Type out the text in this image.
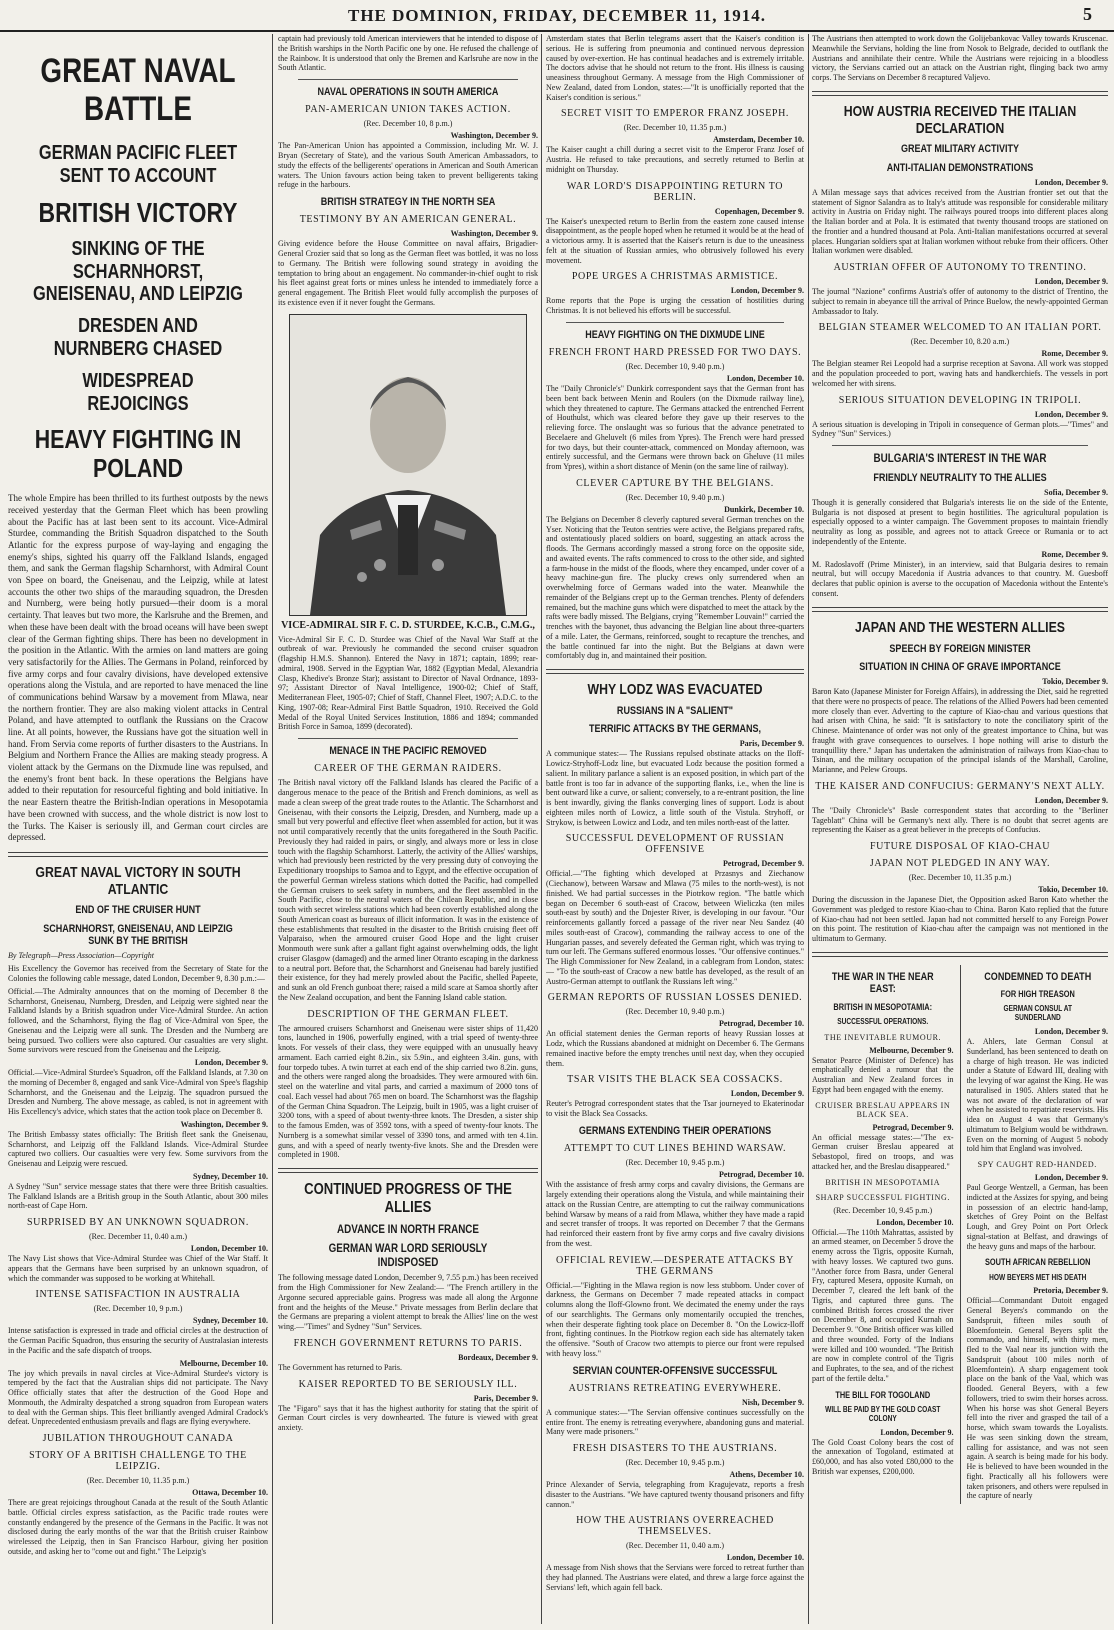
THE DOMINION, FRIDAY, DECEMBER 11, 1914.	5
GREAT NAVAL BATTLE
GERMAN PACIFIC FLEET SENT TO ACCOUNT
BRITISH VICTORY
SINKING OF THE SCHARNHORST, GNEISENAU, AND LEIPZIG
DRESDEN AND NURNBERG CHASED
WIDESPREAD REJOICINGS
HEAVY FIGHTING IN POLAND

The whole Empire has been thrilled to its furthest outposts by the news received yesterday that the German Fleet which has been prowling about the Pacific has at last been sent to its account. Vice-Admiral Sturdee, commanding the British Squadron dispatched to the South Atlantic for the express purpose of way-laying and engaging the enemy's ships, sighted his quarry off the Falkland Islands, engaged them, and sank the German flagship Scharnhorst, with Admiral Count von Spee on board, the Gneisenau, and the Leipzig, while at latest accounts the other two ships of the marauding squadron, the Dresden and Nurnberg, were being hotly pursued—their doom is a moral certainty. That leaves but two more, the Karlsruhe and the Bremen, and when these have been dealt with the broad oceans will have been swept clear of the German fighting ships. There has been no development in the position in the Atlantic. With the armies on land matters are going very satisfactorily for the Allies. The Germans in Poland, reinforced by five army corps and four cavalry divisions, have developed extensive operations along the Vistula, and are reported to have menaced the line of communications behind Warsaw by a movement from Mlawa, near the northern frontier. They are also making violent attacks in Central Poland, and have attempted to outflank the Russians on the Cracow line. At all points, however, the Russians have got the situation well in hand. From Servia come reports of further disasters to the Austrians. In Belgium and Northern France the Allies are making steady progress. A violent attack by the Germans on the Dixmude line was repulsed, and the enemy's front bent back. In these operations the Belgians have added to their reputation for resourceful fighting and bold initiative. In the near Eastern theatre the British-Indian operations in Mesopotamia have been crowned with success, and the whole district is now lost to the Turks. The Kaiser is seriously ill, and German court circles are depressed.

GREAT NAVAL VICTORY IN SOUTH ATLANTIC
END OF THE CRUISER HUNT
SCHARNHORST, GNEISENAU, AND LEIPZIG SUNK BY THE BRITISH
By Telegraph—Press Association—Copyright

His Excellency the Governor has received from the Secretary of State for the Colonies the following cable message, dated London, December 9, 8.30 p.m.:—

Official.—The Admiralty announces that on the morning of December 8 the Scharnhorst, Gneisenau, Nurnberg, Dresden, and Leipzig were sighted near the Falkland Islands by a British squadron under Vice-Admiral Sturdee. An action followed, and the Scharnhorst, flying the flag of Vice-Admiral von Spee, the Gneisenau and the Leipzig were all sunk. The Dresden and the Nurnberg are being pursued. Two colliers were also captured. Our casualties are very slight. Some survivors were rescued from the Gneisenau and the Leipzig.

London, December 9.

Official.—Vice-Admiral Sturdee's Squadron, off the Falkland Islands, at 7.30 on the morning of December 8, engaged and sank Vice-Admiral von Spee's flagship Scharnhorst, and the Gneisenau and the Leipzig. The squadron pursued the Dresden and Nurnberg. The above message, as cabled, is not in agreement with His Excellency's advice, which states that the action took place on December 8.

Washington, December 9.

The British Embassy states officially: The British fleet sank the Gneisenau, Scharnhorst, and Leipzig off the Falkland Islands. Vice-Admiral Sturdee captured two colliers. Our casualties were very few. Some survivors from the Gneisenau and Leipzig were rescued.

Sydney, December 10.

A Sydney "Sun" service message states that there were three British casualties. The Falkland Islands are a British group in the South Atlantic, about 300 miles north-east of Cape Horn.

SURPRISED BY AN UNKNOWN SQUADRON.
(Rec. December 11, 0.40 a.m.)
London, December 10.

The Navy List shows that Vice-Admiral Sturdee was Chief of the War Staff. It appears that the Germans have been surprised by an unknown squadron, of which the commander was supposed to be working at Whitehall.

INTENSE SATISFACTION IN AUSTRALIA
(Rec. December 10, 9 p.m.)
Sydney, December 10.

Intense satisfaction is expressed in trade and official circles at the destruction of the German Pacific Squadron, thus ensuring the security of Australasian interests in the Pacific and the safe dispatch of troops.

Melbourne, December 10.

The joy which prevails in naval circles at Vice-Admiral Sturdee's victory is tempered by the fact that the Australian ships did not participate. The Navy Office officially states that after the destruction of the Good Hope and Monmouth, the Admiralty despatched a strong squadron from European waters to deal with the German ships. This fleet brilliantly avenged Admiral Cradock's defeat. Unprecedented enthusiasm prevails and flags are flying everywhere.

JUBILATION THROUGHOUT CANADA
STORY OF A BRITISH CHALLENGE TO THE LEIPZIG.
(Rec. December 10, 11.35 p.m.)
Ottawa, December 10.

There are great rejoicings throughout Canada at the result of the South Atlantic battle. Official circles express satisfaction, as the Pacific trade routes were constantly endangered by the presence of the Germans in the Pacific. It was not disclosed during the early months of the war that the British cruiser Rainbow wirelessed the Leipzig, then in San Francisco Harbour, giving her position outside, and asking her to "come out and fight." The Leipzig's

captain had previously told American interviewers that he intended to dispose of the British warships in the North Pacific one by one. He refused the challenge of the Rainbow. It is understood that only the Bremen and Karlsruhe are now in the South Atlantic.

NAVAL OPERATIONS IN SOUTH AMERICA
PAN-AMERICAN UNION TAKES ACTION.
(Rec. December 10, 8 p.m.)
Washington, December 9.

The Pan-American Union has appointed a Commission, including Mr. W. J. Bryan (Secretary of State), and the various South American Ambassadors, to study the effects of the belligerents' operations in American and South American waters. The Union favours action being taken to prevent belligerents taking refuge in the harbours.

BRITISH STRATEGY IN THE NORTH SEA
TESTIMONY BY AN AMERICAN GENERAL.
Washington, December 9.

Giving evidence before the House Committee on naval affairs, Brigadier-General Crozier said that so long as the German fleet was bottled, it was no loss to Germany. The British were following sound strategy in avoiding the temptation to bring about an engagement. No commander-in-chief ought to risk his fleet against great forts or mines unless he intended to immediately force a general engagement. The British Fleet would fully accomplish the purposes of its existence even if it never fought the Germans.

VICE-ADMIRAL SIR F. C. D. STURDEE, K.C.B., C.M.G.,

Vice-Admiral Sir F. C. D. Sturdee was Chief of the Naval War Staff at the outbreak of war. Previously he commanded the second cruiser squadron (flagship H.M.S. Shannon). Entered the Navy in 1871; captain, 1899; rear-admiral, 1908. Served in the Egyptian War, 1882 (Egyptian Medal, Alexandria Clasp, Khedive's Bronze Star); assistant to Director of Naval Ordnance, 1893-97; Assistant Director of Naval Intelligence, 1900-02; Chief of Staff, Mediterranean Fleet, 1905-07; Chief of Staff, Channel Fleet, 1907; A.D.C. to the King, 1907-08; Rear-Admiral First Battle Squadron, 1910. Received the Gold Medal of the Royal United Services Institution, 1886 and 1894; commanded British Force in Samoa, 1899 (decorated).

MENACE IN THE PACIFIC REMOVED
CAREER OF THE GERMAN RAIDERS.

The British naval victory off the Falkland Islands has cleared the Pacific of a dangerous menace to the peace of the British and French dominions, as well as made a clean sweep of the great trade routes to the Atlantic. The Scharnhorst and Gneisenau, with their consorts the Leipzig, Dresden, and Nurnberg, made up a small but very powerful and effective fleet when assembled for action, but it was not until comparatively recently that the units foregathered in the South Pacific. Previously they had raided in pairs, or singly, and always more or less in close touch with the flagship Scharnhorst. Latterly, the activity of the Allies' warships, which had previously been restricted by the very pressing duty of convoying the Expeditionary troopships to Samoa and to Egypt, and the effective occupation of the powerful German wireless stations which dotted the Pacific, had compelled the German cruisers to seek safety in numbers, and the fleet assembled in the South Pacific, close to the neutral waters of the Chilean Republic, and in close touch with secret wireless stations which had been covertly established along the South American coast as bureaux of illicit information. It was in the existence of these establishments that resulted in the disaster to the British cruising fleet off Valparaiso, when the armoured cruiser Good Hope and the light cruiser Monmouth were sunk after a gallant fight against overwhelming odds, the light cruiser Glasgow (damaged) and the armed liner Otranto escaping in the darkness to a neutral port. Before that, the Scharnhorst and Gneisenau had barely justified their existence, for they had merely prowled about the Pacific, shelled Papeete, and sunk an old French gunboat there; raised a mild scare at Samoa shortly after the New Zealand occupation, and bent the Fanning Island cable station.

DESCRIPTION OF THE GERMAN FLEET.

The armoured cruisers Scharnhorst and Gneisenau were sister ships of 11,420 tons, launched in 1906, powerfully engined, with a trial speed of twenty-three knots. For vessels of their class, they were equipped with an unusually heavy armament. Each carried eight 8.2in., six 5.9in., and eighteen 3.4in. guns, with four torpedo tubes. A twin turret at each end of the ship carried two 8.2in. guns, and the others were ranged along the broadsides. They were armoured with 6in. steel on the waterline and vital parts, and carried a maximum of 2000 tons of coal. Each vessel had about 765 men on board. The Scharnhorst was the flagship of the German China Squadron. The Leipzig, built in 1905, was a light cruiser of 3200 tons, with a speed of about twenty-three knots. The Dresden, a sister ship to the famous Emden, was of 3592 tons, with a speed of twenty-four knots. The Nurnberg is a somewhat similar vessel of 3390 tons, and armed with ten 4.1in. guns, and with a speed of nearly twenty-five knots. She and the Dresden were completed in 1908.

CONTINUED PROGRESS OF THE ALLIES
ADVANCE IN NORTH FRANCE
GERMAN WAR LORD SERIOUSLY INDISPOSED

The following message dated London, December 9, 7.55 p.m.) has been received from the High Commissioner for New Zealand:— "The French artillery in the Argonne secured appreciable gains. Progress was made all along the Argonne front and the heights of the Meuse." Private messages from Berlin declare that the Germans are preparing a violent attempt to break the Allies' line on the west wing.—"Times" and Sydney "Sun" Services.

FRENCH GOVERNMENT RETURNS TO PARIS.
Bordeaux, December 9.

The Government has returned to Paris.

KAISER REPORTED TO BE SERIOUSLY ILL.
Paris, December 9.

The "Figaro" says that it has the highest authority for stating that the spirit of German Court circles is very downhearted. The future is viewed with great anxiety.

Amsterdam states that Berlin telegrams assert that the Kaiser's condition is serious. He is suffering from pneumonia and continued nervous depression caused by over-exertion. He has continual headaches and is extremely irritable. The doctors advise that he should not return to the front. His illness is causing uneasiness throughout Germany. A message from the High Commissioner of New Zealand, dated from London, states:—"It is unofficially reported that the Kaiser's condition is serious."

SECRET VISIT TO EMPEROR FRANZ JOSEPH.
(Rec. December 10, 11.35 p.m.)
Amsterdam, December 10.

The Kaiser caught a chill during a secret visit to the Emperor Franz Josef of Austria. He refused to take precautions, and secretly returned to Berlin at midnight on Thursday.

WAR LORD'S DISAPPOINTING RETURN TO BERLIN.
Copenhagen, December 9.

The Kaiser's unexpected return to Berlin from the eastern zone caused intense disappointment, as the people hoped when he returned it would be at the head of a victorious army. It is asserted that the Kaiser's return is due to the uneasiness felt at the situation of Russian armies, who obtrusively followed his every movement.

POPE URGES A CHRISTMAS ARMISTICE.
London, December 9.

Rome reports that the Pope is urging the cessation of hostilities during Christmas. It is not believed his efforts will be successful.

HEAVY FIGHTING ON THE DIXMUDE LINE
FRENCH FRONT HARD PRESSED FOR TWO DAYS.
(Rec. December 10, 9.40 p.m.)
London, December 10.

The "Daily Chronicle's" Dunkirk correspondent says that the German front has been bent back between Menin and Roulers (on the Dixmude railway line), which they threatened to capture. The Germans attacked the entrenched Ferrent of Houthulst, which was cleared before they gave up their reserves to the relieving force. The onslaught was so furious that the advance penetrated to Becelaere and Gheluvelt (6 miles from Ypres). The French were hard pressed for two days, but their counter-attack, commenced on Monday afternoon, was entirely successful, and the Germans were thrown back on Gheluve (11 miles from Ypres), within a short distance of Menin (on the same line of railway).

CLEVER CAPTURE BY THE BELGIANS.
(Rec. December 10, 9.40 p.m.)
Dunkirk, December 10.

The Belgians on December 8 cleverly captured several German trenches on the Yser. Noticing that the Teuton sentries were active, the Belgians prepared rafts, and ostentatiously placed soldiers on board, suggesting an attack across the floods. The Germans accordingly massed a strong force on the opposite side, and awaited events. The rafts commenced to cross to the other side, and sighted a farm-house in the midst of the floods, where they encamped, under cover of a heavy machine-gun fire. The plucky crews only surrendered when an overwhelming force of Germans waded into the water. Meanwhile the remainder of the Belgians crept up to the German trenches. Plenty of defenders remained, but the machine guns which were dispatched to meet the attack by the rafts were badly missed. The Belgians, crying "Remember Louvain!" carried the trenches with the bayonet, thus advancing the Belgian line about three-quarters of a mile. Later, the Germans, reinforced, sought to recapture the trenches, and the battle continued far into the night. But the Belgians at dawn were comfortably dug in, and maintained their position.

WHY LODZ WAS EVACUATED
RUSSIANS IN A "SALIENT"
TERRIFIC ATTACKS BY THE GERMANS,
Paris, December 9.

A communique states:— The Russians repulsed obstinate attacks on the Iloff-Lowicz-Stryhoff-Lodz line, but evacuated Lodz because the position formed a salient. In military parlance a salient is an exposed position, in which part of the battle front is too far in advance of the supporting flanks, i.e., when the line is bent outward like a curve, or salient; conversely, to a re-entrant position, the line is bent inwardly, giving the flanks converging lines of support. Lodz is about eighteen miles north of Lowicz, a little south of the Vistula. Stryhoff, or Strykow, is between Lowicz and Lodz, and ten miles north-east of the latter.

SUCCESSFUL DEVELOPMENT OF RUSSIAN OFFENSIVE
Petrograd, December 9.

Official.—"The fighting which developed at Przasnys and Ziechanow (Ciechanow), between Warsaw and Mlawa (75 miles to the north-west), is not finished. We had partial successes in the Piotrkow region. "The battle which began on December 6 south-east of Cracow, between Wieliczka (ten miles south-east by south) and the Dnjester River, is developing in our favour. "Our reinforcements gallantly forced a passage of the river near Neu Sandez (40 miles south-east of Cracow), commanding the railway access to one of the Hungarian passes, and severely defeated the German right, which was trying to turn our left. The Germans suffered enormous losses. "Our offensive continues." The High Commissioner for New Zealand, in a cablegram from London, states:— "To the south-east of Cracow a new battle has developed, as the result of an Austro-German attempt to outflank the Russians left wing."

GERMAN REPORTS OF RUSSIAN LOSSES DENIED.
(Rec. December 10, 9.40 p.m.)
Petrograd, December 10.

An official statement denies the German reports of heavy Russian losses at Lodz, which the Russians abandoned at midnight on December 6. The Germans remained inactive before the empty trenches until next day, when they occupied them.

TSAR VISITS THE BLACK SEA COSSACKS.
London, December 9.

Reuter's Petrograd correspondent states that the Tsar journeyed to Ekaterinodar to visit the Black Sea Cossacks.

GERMANS EXTENDING THEIR OPERATIONS
ATTEMPT TO CUT LINES BEHIND WARSAW.
(Rec. December 10, 9.45 p.m.)
Petrograd, December 10.

With the assistance of fresh army corps and cavalry divisions, the Germans are largely extending their operations along the Vistula, and while maintaining their attack on the Russian Centre, are attempting to cut the railway communications behind Warsaw by means of a raid from Mlawa, whither they have made a rapid and secret transfer of troops. It was reported on December 7 that the Germans had reinforced their eastern front by five army corps and five cavalry divisions from the west.

OFFICIAL REVIEW.—DESPERATE ATTACKS BY THE GERMANS

Official.—"Fighting in the Mlawa region is now less stubborn. Under cover of darkness, the Germans on December 7 made repeated attacks in compact columns along the Iloff-Glowno front. We decimated the enemy under the rays of our searchlights. The Germans only momentarily occupied the trenches, when their desperate fighting took place on December 8. "On the Lowicz-Iloff front, fighting continues. In the Piotrkow region each side has alternately taken the offensive. "South of Cracow two attempts to pierce our front were repulsed with heavy loss."

SERVIAN COUNTER-OFFENSIVE SUCCESSFUL
AUSTRIANS RETREATING EVERYWHERE.
Nish, December 9.

A communique states:—"The Servian offensive continues successfully on the entire front. The enemy is retreating everywhere, abandoning guns and material. Many were made prisoners."

FRESH DISASTERS TO THE AUSTRIANS.
(Rec. December 10, 9.45 p.m.)
Athens, December 10.

Prince Alexander of Servia, telegraphing from Kragujevatz, reports a fresh disaster to the Austrians. "We have captured twenty thousand prisoners and fifty cannon."

HOW THE AUSTRIANS OVERREACHED THEMSELVES.
(Rec. December 11, 0.40 a.m.)
London, December 10.

A message from Nish shows that the Servians were forced to retreat further than they had planned. The Austrians were elated, and threw a large force against the Servians' left, which again fell back.

The Austrians then attempted to work down the Golijebankovac Valley towards Kruscenac. Meanwhile the Servians, holding the line from Nosok to Belgrade, decided to outflank the Austrians and annihilate their centre. While the Austrians were rejoicing in a bloodless victory, the Servians carried out an attack on the Austrian right, flinging back two army corps. The Servians on December 8 recaptured Valjevo.

HOW AUSTRIA RECEIVED THE ITALIAN DECLARATION
GREAT MILITARY ACTIVITY
ANTI-ITALIAN DEMONSTRATIONS
London, December 9.

A Milan message says that advices received from the Austrian frontier set out that the statement of Signor Salandra as to Italy's attitude was responsible for considerable military activity in Austria on Friday night. The railways poured troops into different places along the Italian border and at Pola. It is estimated that twenty thousand troops are stationed on the frontier and a hundred thousand at Pola. Anti-Italian manifestations occurred at several places. Hungarian soldiers spat at Italian workmen without rebuke from their officers. Other Italian workmen were disabled.

AUSTRIAN OFFER OF AUTONOMY TO TRENTINO.
London, December 9.

The journal "Nazione" confirms Austria's offer of autonomy to the district of Trentino, the subject to remain in abeyance till the arrival of Prince Buelow, the newly-appointed German Ambassador to Italy.

BELGIAN STEAMER WELCOMED TO AN ITALIAN PORT.
(Rec. December 10, 8.20 a.m.)
Rome, December 9.

The Belgian steamer Rei Leopold had a surprise reception at Savona. All work was stopped and the population proceeded to port, waving hats and handkerchiefs. The vessels in port welcomed her with sirens.

SERIOUS SITUATION DEVELOPING IN TRIPOLI.
London, December 9.

A serious situation is developing in Tripoli in consequence of German plots.—"Times" and Sydney "Sun" Services.)

BULGARIA'S INTEREST IN THE WAR
FRIENDLY NEUTRALITY TO THE ALLIES
Sofia, December 9.

Though it is generally considered that Bulgaria's interests lie on the side of the Entente, Bulgaria is not disposed at present to begin hostilities. The agricultural population is especially opposed to a winter campaign. The Government proposes to maintain friendly neutrality as long as possible, and agrees not to attack Greece or Rumania or to act independently of the Entente.

Rome, December 9.

M. Radoslavoff (Prime Minister), in an interview, said that Bulgaria desires to remain neutral, but will occupy Macedonia if Austria advances to that country. M. Guesboff declares that public opinion is averse to the occupation of Macedonia without the Entente's consent.

JAPAN AND THE WESTERN ALLIES
SPEECH BY FOREIGN MINISTER
SITUATION IN CHINA OF GRAVE IMPORTANCE
Tokio, December 9.

Baron Kato (Japanese Minister for Foreign Affairs), in addressing the Diet, said he regretted that there were no prospects of peace. The relations of the Allied Powers had been cemented more closely than ever. Adverting to the capture of Kiao-chau and various questions that had arisen with China, he said: "It is satisfactory to note the conciliatory spirit of the Chinese. Maintenance of order was not only of the greatest importance to China, but was fraught with grave consequences to ourselves. I hope nothing will arise to disturb the tranquillity there." Japan has undertaken the administration of railways from Kiao-chau to Tsinan, and the military occupation of the principal islands of the Marshall, Caroline, Marianne, and Pelew Groups.

THE KAISER AND CONFUCIUS: GERMANY'S NEXT ALLY.
London, December 9.

The "Daily Chronicle's" Basle correspondent states that according to the "Berliner Tageblatt" China will be Germany's next ally. There is no doubt that secret agents are representing the Kaiser as a great believer in the precepts of Confucius.

FUTURE DISPOSAL OF KIAO-CHAU
JAPAN NOT PLEDGED IN ANY WAY.
(Rec. December 10, 11.35 p.m.)
Tokio, December 10.

During the discussion in the Japanese Diet, the Opposition asked Baron Kato whether the Government was pledged to restore Kiao-chau to China. Baron Kato replied that the future of Kiao-chau had not been settled. Japan had not committed herself to any Foreign Power on this point. The restitution of Kiao-chau after the campaign was not mentioned in the ultimatum to Germany.

THE WAR IN THE NEAR EAST:
BRITISH IN MESOPOTAMIA:
SUCCESSFUL OPERATIONS.
THE INEVITABLE RUMOUR.
Melbourne, December 9.

Senator Pearce (Minister of Defence) has emphatically denied a rumour that the Australian and New Zealand forces in Egypt had been engaged with the enemy.

CRUISER BRESLAU APPEARS IN BLACK SEA.
Petrograd, December 9.

An official message states:—"The ex-German cruiser Breslau appeared at Sebastopol, fired on troops, and was attacked her, and the Breslau disappeared."

BRITISH IN MESOPOTAMIA
SHARP SUCCESSFUL FIGHTING.
(Rec. December 10, 9.45 p.m.)
London, December 10.

Official.—The 110th Mahrattas, assisted by an armed steamer, on December 5 drove the enemy across the Tigris, opposite Kurnah, with heavy losses. We captured two guns. "Another force from Basra, under General Fry, captured Mesera, opposite Kurnah, on December 7, cleared the left bank of the Tigris, and captured three guns. The combined British forces crossed the river on December 8, and occupied Kurnah on December 9. "One British officer was killed and three wounded. Forty of the Indians were killed and 100 wounded. "The British are now in complete control of the Tigris and Euphrates, to the sea, and of the richest part of the fertile delta."

THE BILL FOR TOGOLAND
WILL BE PAID BY THE GOLD COAST COLONY
London, December 9.

The Gold Coast Colony bears the cost of the annexation of Togoland, estimated at £60,000, and has also voted £80,000 to the British war expenses, £200,000.

CONDEMNED TO DEATH
FOR HIGH TREASON
GERMAN CONSUL AT SUNDERLAND
London, December 9.

A. Ahlers, late German Consul at Sunderland, has been sentenced to death on a charge of high treason. He was indicted under a Statute of Edward III, dealing with the levying of war against the King. He was naturalised in 1905. Ahlers stated that he was not aware of the declaration of war when he assisted to repatriate reservists. His idea on August 4 was that Germany's ultimatum to Belgium would be withdrawn. Even on the morning of August 5 nobody told him that England was involved.

SPY CAUGHT RED-HANDED.
London, December 9.

Paul George Wentzell, a German, has been indicted at the Assizes for spying, and being in possession of an electric hand-lamp, sketches of Grey Point on the Belfast Lough, and Grey Point on Port Orleck signal-station at Belfast, and drawings of the heavy guns and maps of the harbour.

SOUTH AFRICAN REBELLION
HOW BEYERS MET HIS DEATH
Pretoria, December 9.

Official—Commandant Dutoit engaged General Beyers's commando on the Sandspruit, fifteen miles south of Bloemfontein. General Beyers split the commando, and himself, with thirty men, fled to the Vaal near its junction with the Sandspruit (about 100 miles north of Bloemfontein). A sharp engagement took place on the bank of the Vaal, which was flooded. General Beyers, with a few followers, tried to swim their horses across. When his horse was shot General Beyers fell into the river and grasped the tail of a horse, which swam towards the Loyalists. He was seen sinking down the stream, calling for assistance, and was not seen again. A search is being made for his body. He is believed to have been wounded in the fight. Practically all his followers were taken prisoners, and others were repulsed in the capture of nearly
